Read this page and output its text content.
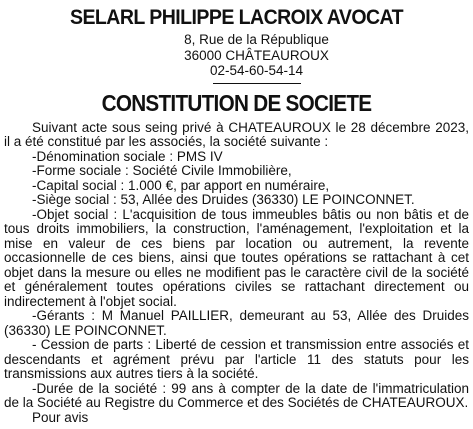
SELARL PHILIPPE LACROIX AVOCAT
8, Rue de la République
36000 CHÂTEAUROUX
02-54-60-54-14
CONSTITUTION DE SOCIETE

Suivant acte sous seing privé à CHATEAUROUX le 28 décembre 2023, il a été constitué par les associés, la société suivante :

-Dénomination sociale : PMS IV

-Forme sociale : Société Civile Immobilière,

-Capital social : 1.000 €, par apport en numéraire,

-Siège social : 53, Allée des Druides (36330) LE POINCONNET.

-Objet social : L'acquisition de tous immeubles bâtis ou non bâtis et de tous droits immobiliers, la construction, l'aménagement, l'exploitation et la mise en valeur de ces biens par location ou autrement, la revente occasionnelle de ces biens, ainsi que toutes opérations se rattachant à cet objet dans la mesure ou elles ne modifient pas le caractère civil de la société et généralement toutes opérations civiles se rattachant directement ou indirectement à l'objet social.

-Gérants : M Manuel PAILLIER, demeurant au 53, Allée des Druides (36330) LE POINCONNET.

- Cession de parts : Liberté de cession et transmission entre associés et descendants et agrément prévu par l'article 11 des statuts pour les transmissions aux autres tiers à la société.

-Durée de la société : 99 ans à compter de la date de l'immatriculation de la Société au Registre du Commerce et des Sociétés de CHATEAUROUX.

Pour avis
